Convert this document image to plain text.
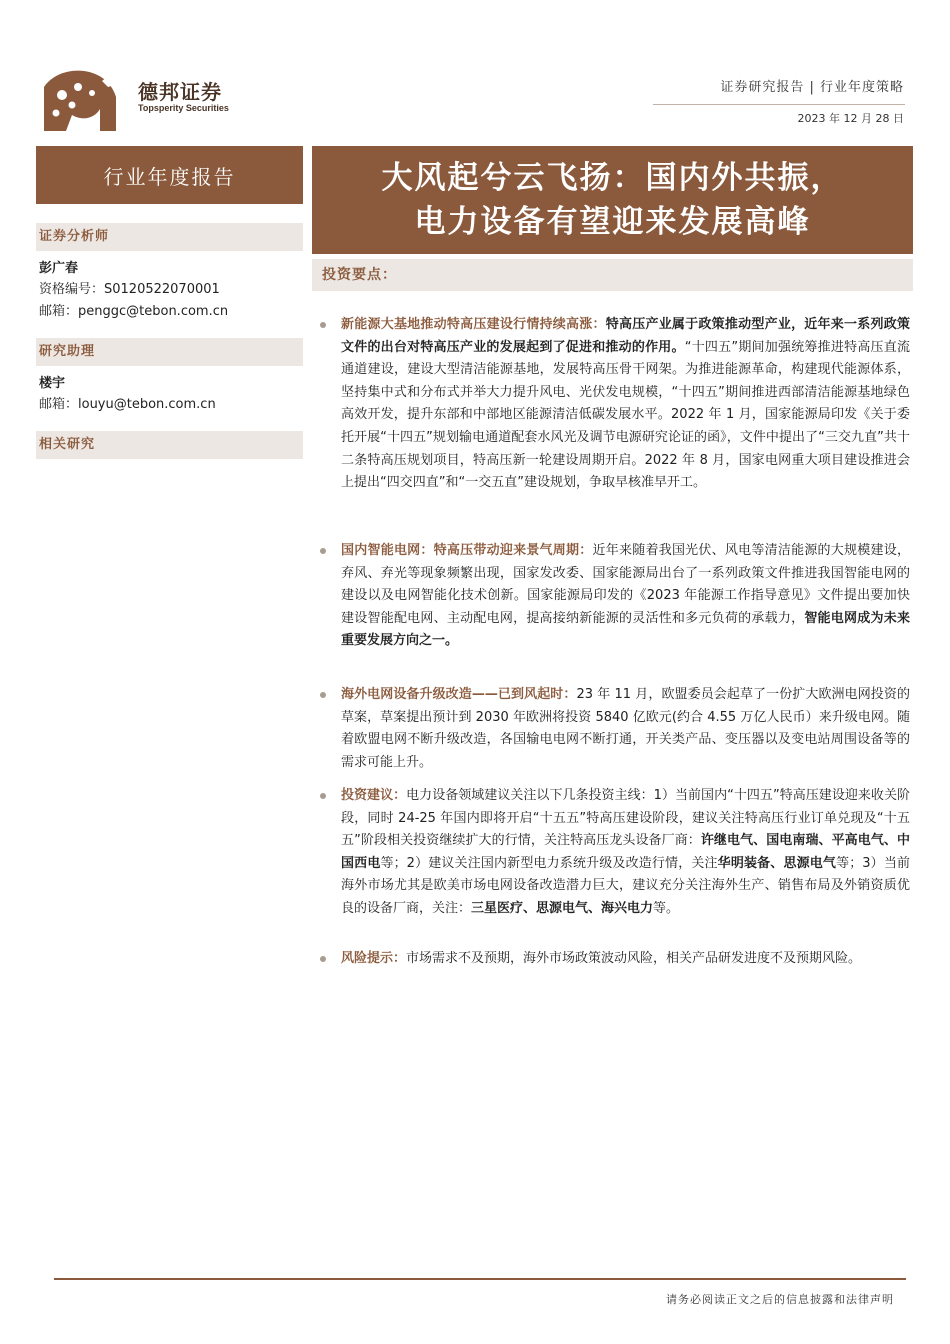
德邦证券
Topsperity Securities
证券研究报告 | 行业年度策略
2023 年 12 月 28 日
行业年度报告
证券分析师
彭广春
资格编号：S0120522070001
邮箱：penggc@tebon.com.cn
研究助理
楼宇
邮箱：louyu@tebon.com.cn
相关研究
大风起兮云飞扬：国内外共振，
电力设备有望迎来发展高峰
投资要点：
新能源大基地推动特高压建设行情持续高涨：特高压产业属于政策推动型产业，近年来一系列政策文件的出台对特高压产业的发展起到了促进和推动的作用。“十四五”期间加强统筹推进特高压直流通道建设，建设大型清洁能源基地，发展特高压骨干网架。为推进能源革命，构建现代能源体系，坚持集中式和分布式并举大力提升风电、光伏发电规模，“十四五”期间推进西部清洁能源基地绿色高效开发，提升东部和中部地区能源清洁低碳发展水平。2022 年 1 月，国家能源局印发《关于委托开展“十四五”规划输电通道配套水风光及调节电源研究论证的函》，文件中提出了“三交九直”共十二条特高压规划项目，特高压新一轮建设周期开启。2022 年 8 月，国家电网重大项目建设推进会上提出“四交四直”和“一交五直”建设规划，争取早核准早开工。
国内智能电网：特高压带动迎来景气周期：近年来随着我国光伏、风电等清洁能源的大规模建设，弃风、弃光等现象频繁出现，国家发改委、国家能源局出台了一系列政策文件推进我国智能电网的建设以及电网智能化技术创新。国家能源局印发的《2023 年能源工作指导意见》文件提出要加快建设智能配电网、主动配电网，提高接纳新能源的灵活性和多元负荷的承载力，智能电网成为未来重要发展方向之一。
海外电网设备升级改造——已到风起时：23 年 11 月，欧盟委员会起草了一份扩大欧洲电网投资的草案，草案提出预计到 2030 年欧洲将投资 5840 亿欧元(约合 4.55 万亿人民币）来升级电网。随着欧盟电网不断升级改造，各国输电电网不断打通，开关类产品、变压器以及变电站周围设备等的需求可能上升。
投资建议：电力设备领域建议关注以下几条投资主线：1）当前国内“十四五”特高压建设迎来收关阶段，同时 24-25 年国内即将开启“十五五”特高压建设阶段，建议关注特高压行业订单兑现及“十五五”阶段相关投资继续扩大的行情，关注特高压龙头设备厂商：许继电气、国电南瑞、平高电气、中国西电等；2）建议关注国内新型电力系统升级及改造行情，关注华明装备、思源电气等；3）当前海外市场尤其是欧美市场电网设备改造潜力巨大，建议充分关注海外生产、销售布局及外销资质优良的设备厂商，关注：三星医疗、思源电气、海兴电力等。
风险提示：市场需求不及预期，海外市场政策波动风险，相关产品研发进度不及预期风险。
请务必阅读正文之后的信息披露和法律声明
